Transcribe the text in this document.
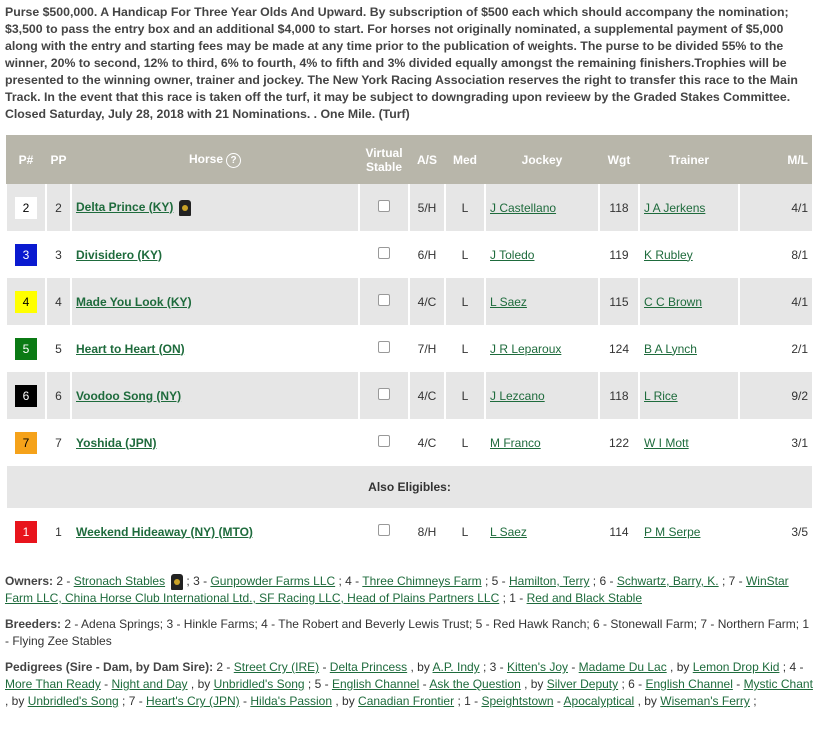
Purse $500,000. A Handicap For Three Year Olds And Upward. By subscription of $500 each which should accompany the nomination; $3,500 to pass the entry box and an additional $4,000 to start. For horses not originally nominated, a supplemental payment of $5,000 along with the entry and starting fees may be made at any time prior to the publication of weights. The purse to be divided 55% to the winner, 20% to second, 12% to third, 6% to fourth, 4% to fifth and 3% divided equally amongst the remaining finishers.Trophies will be presented to the winning owner, trainer and jockey. The New York Racing Association reserves the right to transfer this race to the Main Track. In the event that this race is taken off the turf, it may be subject to downgrading upon revieew by the Graded Stakes Committee. Closed Saturday, July 28, 2018 with 21 Nominations. . One Mile. (Turf)
P#	PP	Horse ?	Virtual
Stable	A/S	Med	Jockey	Wgt	Trainer	M/L
2	2	Delta Prince (KY)		5/H	L	J Castellano	118	J A Jerkens	4/1
3	3	Divisidero (KY)		6/H	L	J Toledo	119	K Rubley	8/1
4	4	Made You Look (KY)		4/C	L	L Saez	115	C C Brown	4/1
5	5	Heart to Heart (ON)		7/H	L	J R Leparoux	124	B A Lynch	2/1
6	6	Voodoo Song (NY)		4/C	L	J Lezcano	118	L Rice	9/2
7	7	Yoshida (JPN)		4/C	L	M Franco	122	W I Mott	3/1
Also Eligibles:									
1	1	Weekend Hideaway (NY) (MTO)		8/H	L	L Saez	114	P M Serpe	3/5
Owners: 2 - Stronach Stables ; 3 - Gunpowder Farms LLC ; 4 - Three Chimneys Farm ; 5 - Hamilton, Terry ; 6 - Schwartz, Barry, K. ; 7 - WinStar Farm LLC, China Horse Club International Ltd., SF Racing LLC, Head of Plains Partners LLC ; 1 - Red and Black Stable
Breeders: 2 - Adena Springs; 3 - Hinkle Farms; 4 - The Robert and Beverly Lewis Trust; 5 - Red Hawk Ranch; 6 - Stonewall Farm; 7 - Northern Farm; 1 - Flying Zee Stables
Pedigrees (Sire - Dam, by Dam Sire): 2 - Street Cry (IRE) - Delta Princess , by A.P. Indy ; 3 - Kitten's Joy - Madame Du Lac , by Lemon Drop Kid ; 4 - More Than Ready - Night and Day , by Unbridled's Song ; 5 - English Channel - Ask the Question , by Silver Deputy ; 6 - English Channel - Mystic Chant , by Unbridled's Song ; 7 - Heart's Cry (JPN) - Hilda's Passion , by Canadian Frontier ; 1 - Speightstown - Apocalyptical , by Wiseman's Ferry ;
